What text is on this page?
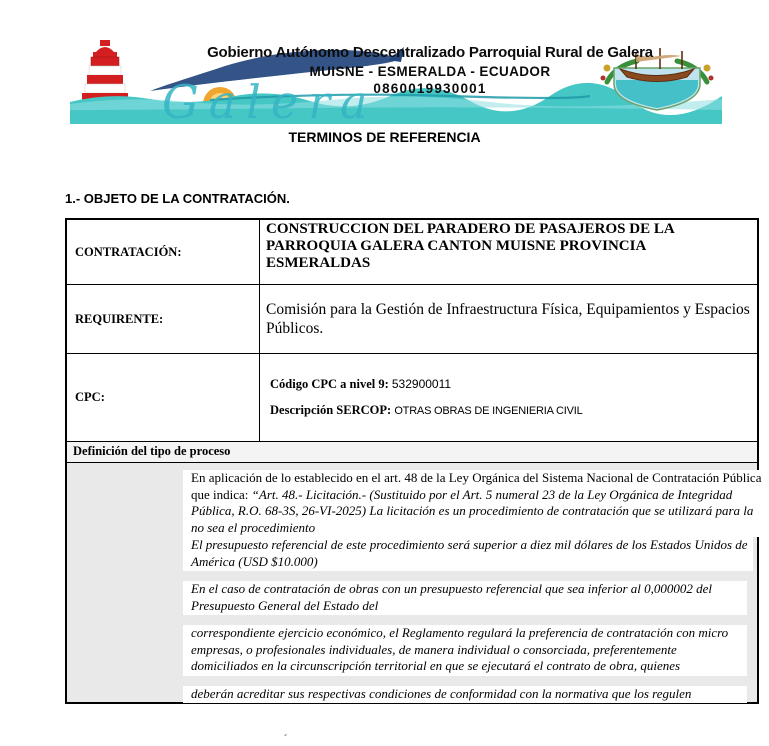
Galera
Gobierno Autónomo Descentralizado Parroquial Rural de Galera
MUISNE - ESMERALDA - ECUADOR
0860019930001
TERMINOS DE REFERENCIA
1.- OBJETO DE LA CONTRATACIÓN.
CONTRATACIÓN:
CONSTRUCCION DEL PARADERO DE PASAJEROS DE LA PARROQUIA GALERA CANTON MUISNE PROVINCIA ESMERALDAS
REQUIRENTE:
Comisión para la Gestión de Infraestructura Física, Equipamientos y Espacios Públicos.
CPC:
Código CPC a nivel 9: 532900011
Descripción SERCOP: OTRAS OBRAS DE INGENIERIA CIVIL
Definición del tipo de proceso
En aplicación de lo establecido en el art. 48 de la Ley Orgánica del Sistema Nacional de Contratación Pública
que indica: “Art. 48.- Licitación.- (Sustituido por el Art. 5 numeral 23 de la Ley Orgánica de Integridad
Pública, R.O. 68-3S, 26-VI-2025) La licitación es un procedimiento de contratación que se utilizará para la
no sea el procedimiento
El presupuesto referencial de este procedimiento será superior a diez mil dólares de los Estados Unidos de
América (USD $10.000)
En el caso de contratación de obras con un presupuesto referencial que sea inferior al 0,000002 del
Presupuesto General del Estado del
correspondiente ejercicio económico, el Reglamento regulará la preferencia de contratación con micro
empresas, o profesionales individuales, de manera individual o consorciada, preferentemente
domiciliados en la circunscripción territorial en que se ejecutará el contrato de obra, quienes
deberán acreditar sus respectivas condiciones de conformidad con la normativa que los regulen
´
